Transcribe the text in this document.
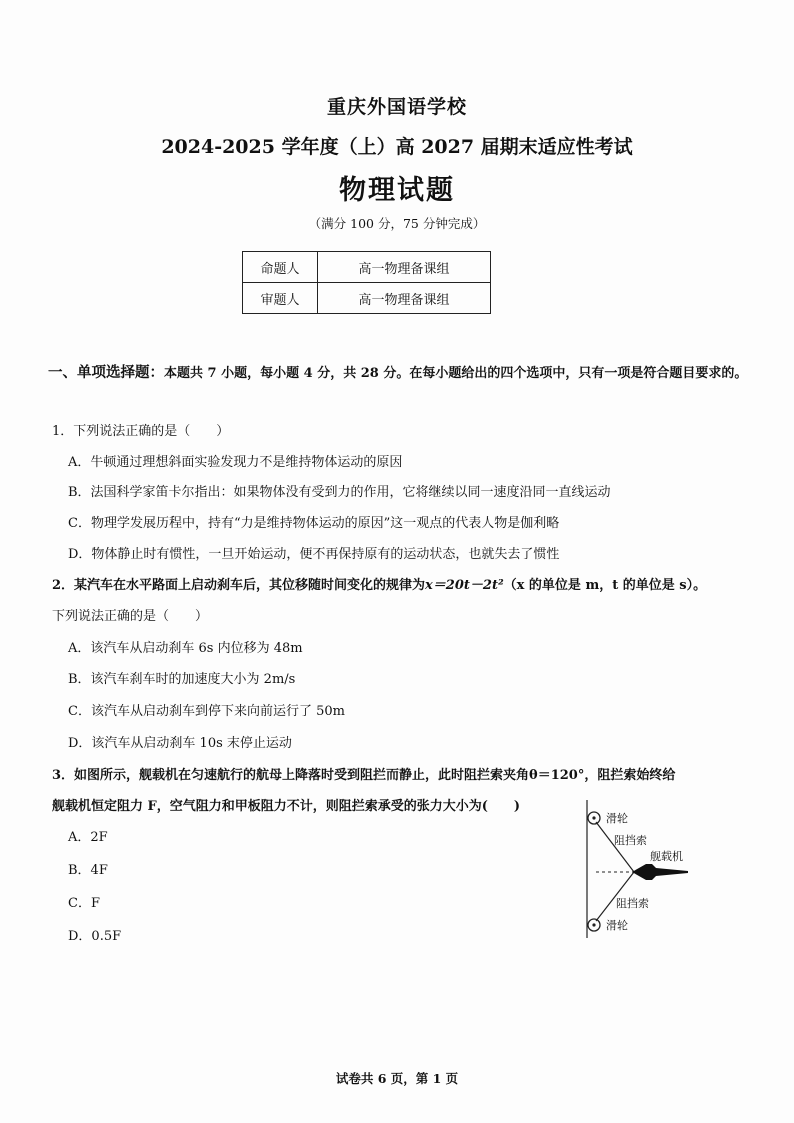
重庆外国语学校
2024-2025 学年度（上）高 2027 届期末适应性考试
物理试题
（满分 100 分，75 分钟完成）
命题人	高一物理备课组
审题人	高一物理备课组
一、单项选择题：本题共 7 小题，每小题 4 分，共 28 分。在每小题给出的四个选项中，只有一项是符合题目要求的。
1．下列说法正确的是（　　）
A．牛顿通过理想斜面实验发现力不是维持物体运动的原因
B．法国科学家笛卡尔指出：如果物体没有受到力的作用，它将继续以同一速度沿同一直线运动
C．物理学发展历程中，持有“力是维持物体运动的原因”这一观点的代表人物是伽利略
D．物体静止时有惯性，一旦开始运动，便不再保持原有的运动状态，也就失去了惯性
2．某汽车在水平路面上启动刹车后，其位移随时间变化的规律为x＝20t－2t²（x 的单位是 m，t 的单位是 s）。
下列说法正确的是（　　）
A．该汽车从启动刹车 6s 内位移为 48m
B．该汽车刹车时的加速度大小为 2m/s
C．该汽车从启动刹车到停下来向前运行了 50m
D．该汽车从启动刹车 10s 末停止运动
3．如图所示，舰载机在匀速航行的航母上降落时受到阻拦而静止，此时阻拦索夹角θ＝120°，阻拦索始终给
舰载机恒定阻力 F，空气阻力和甲板阻力不计，则阻拦索承受的张力大小为(　　)
A．2F
B．4F
C．F
D．0.5F
滑轮
阻挡索
舰载机
阻挡索
滑轮
试卷共 6 页，第 1 页
